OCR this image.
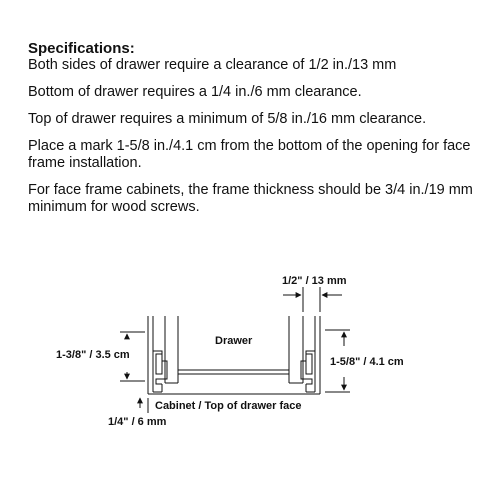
Specifications:

Both sides of drawer require a clearance of 1/2 in./13 mm

Bottom of drawer requires a 1/4 in./6 mm clearance.

Top of drawer requires a minimum of 5/8 in./16 mm clearance.

Place a mark 1-5/8 in./4.1 cm from the bottom of the opening for face frame installation.

For face frame cabinets, the frame thickness should be 3/4 in./19 mm minimum for wood screws.

1/2" / 13 mm
Drawer
1-3/8" / 3.5 cm
1-5/8" / 4.1 cm
Cabinet / Top of drawer face
1/4" / 6 mm
